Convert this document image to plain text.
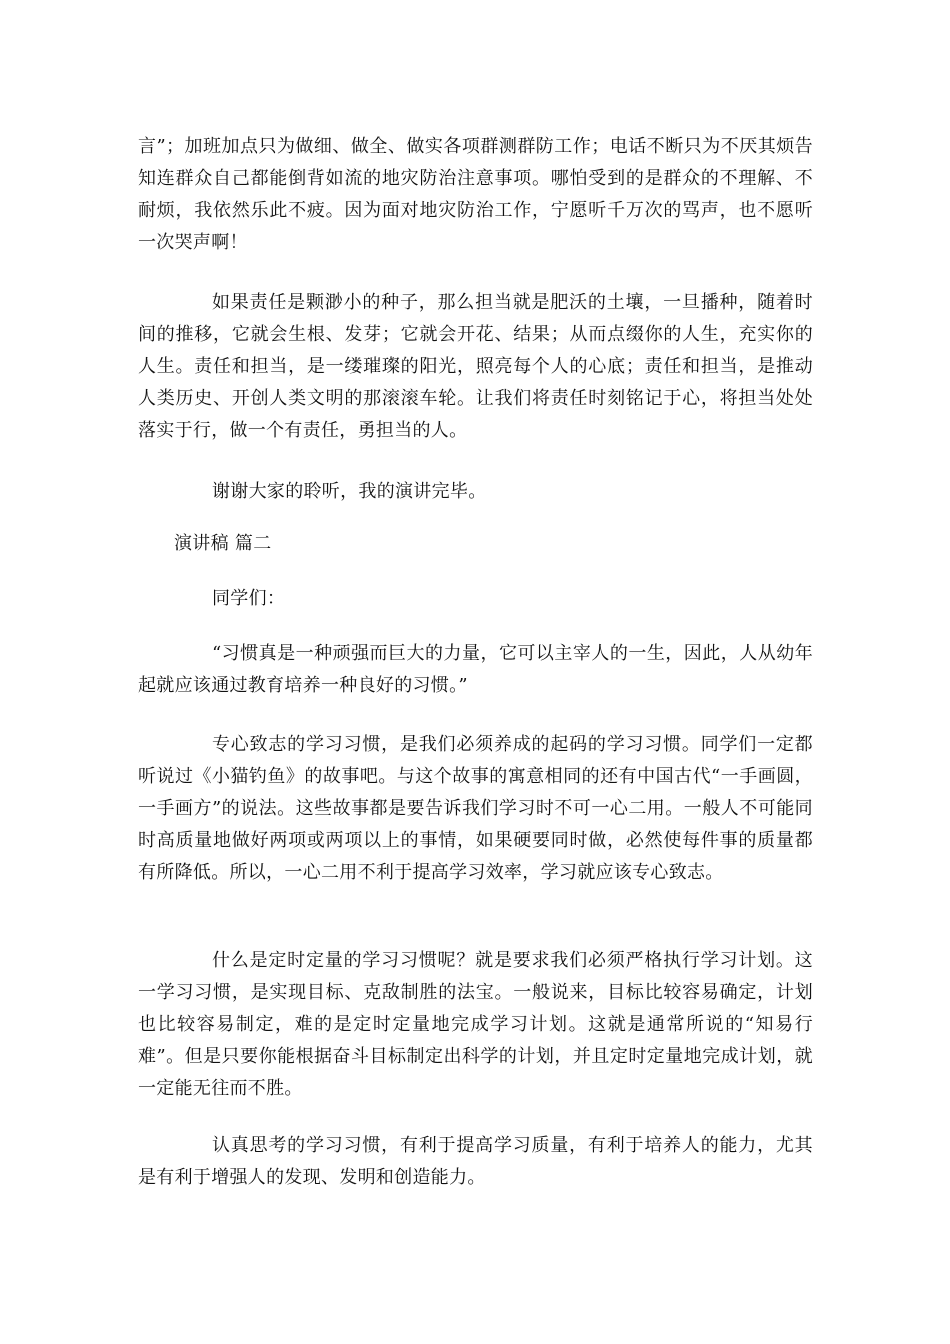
言”；加班加点只为做细、做全、做实各项群测群防工作；电话不断只为不厌其烦告知连群众自己都能倒背如流的地灾防治注意事项。哪怕受到的是群众的不理解、不耐烦，我依然乐此不疲。因为面对地灾防治工作，宁愿听千万次的骂声，也不愿听一次哭声啊！

如果责任是颗渺小的种子，那么担当就是肥沃的土壤，一旦播种，随着时间的推移，它就会生根、发芽；它就会开花、结果；从而点缀你的人生，充实你的人生。责任和担当，是一缕璀璨的阳光，照亮每个人的心底；责任和担当，是推动人类历史、开创人类文明的那滚滚车轮。让我们将责任时刻铭记于心，将担当处处落实于行，做一个有责任，勇担当的人。

谢谢大家的聆听，我的演讲完毕。

演讲稿 篇二

同学们：

“习惯真是一种顽强而巨大的力量，它可以主宰人的一生，因此，人从幼年起就应该通过教育培养一种良好的习惯。”

专心致志的学习习惯，是我们必须养成的起码的学习习惯。同学们一定都听说过《小猫钓鱼》的故事吧。与这个故事的寓意相同的还有中国古代“一手画圆，一手画方”的说法。这些故事都是要告诉我们学习时不可一心二用。一般人不可能同时高质量地做好两项或两项以上的事情，如果硬要同时做，必然使每件事的质量都有所降低。所以，一心二用不利于提高学习效率，学习就应该专心致志。

什么是定时定量的学习习惯呢？就是要求我们必须严格执行学习计划。这一学习习惯，是实现目标、克敌制胜的法宝。一般说来，目标比较容易确定，计划也比较容易制定，难的是定时定量地完成学习计划。这就是通常所说的“知易行难”。但是只要你能根据奋斗目标制定出科学的计划，并且定时定量地完成计划，就一定能无往而不胜。

认真思考的学习习惯，有利于提高学习质量，有利于培养人的能力，尤其是有利于增强人的发现、发明和创造能力。
